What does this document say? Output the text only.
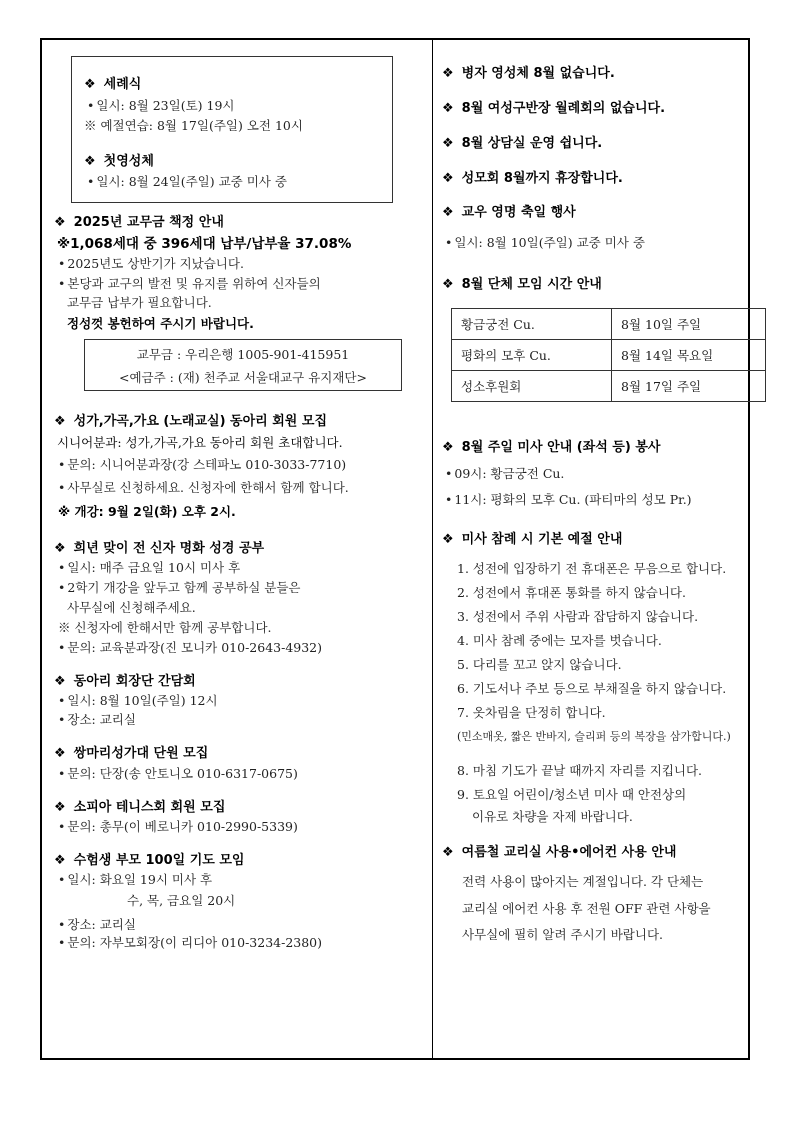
❖ 세례식
• 일시: 8월 23일(토) 19시
※ 예절연습: 8월 17일(주일) 오전 10시
❖ 첫영성체
• 일시: 8월 24일(주일) 교중 미사 중
❖ 2025년 교무금 책정 안내
※1,068세대 중 396세대 납부/납부율 37.08%
• 2025년도 상반기가 지났습니다.
• 본당과 교구의 발전 및 유지를 위하여 신자들의
교무금 납부가 필요합니다.
정성껏 봉헌하여 주시기 바랍니다.
교무금 : 우리은행 1005-901-415951
<예금주 : (재) 천주교 서울대교구 유지재단>
❖ 성가,가곡,가요 (노래교실) 동아리 회원 모집
시니어분과: 성가,가곡,가요 동아리 회원 초대합니다.
• 문의: 시니어분과장(강 스테파노 010-3033-7710)
• 사무실로 신청하세요. 신청자에 한해서 함께 합니다.
※ 개강: 9월 2일(화) 오후 2시.
❖ 희년 맞이 전 신자 명화 성경 공부
• 일시: 매주 금요일 10시 미사 후
• 2학기 개강을 앞두고 함께 공부하실 분들은
사무실에 신청해주세요.
※ 신청자에 한해서만 함께 공부합니다.
• 문의: 교육분과장(진 모니카 010-2643-4932)
❖ 동아리 회장단 간담회
• 일시: 8월 10일(주일) 12시
• 장소: 교리실
❖ 쌍마리성가대 단원 모집
• 문의: 단장(송 안토니오 010-6317-0675)
❖ 소피아 테니스회 회원 모집
• 문의: 총무(이 베로니카 010-2990-5339)
❖ 수험생 부모 100일 기도 모임
• 일시: 화요일 19시 미사 후
수, 목, 금요일 20시
• 장소: 교리실
• 문의: 자부모회장(이 리디아 010-3234-2380)
❖ 병자 영성체 8월 없습니다.
❖ 8월 여성구반장 월례회의 없습니다.
❖ 8월 상담실 운영 쉽니다.
❖ 성모회 8월까지 휴장합니다.
❖ 교우 영명 축일 행사
• 일시: 8월 10일(주일) 교중 미사 중
❖ 8월 단체 모임 시간 안내
황금궁전 Cu.	8월 10일 주일
평화의 모후 Cu.	8월 14일 목요일
성소후원회	8월 17일 주일
❖ 8월 주일 미사 안내 (좌석 등) 봉사
• 09시: 황금궁전 Cu.
• 11시: 평화의 모후 Cu. (파티마의 성모 Pr.)
❖ 미사 참례 시 기본 예절 안내
1. 성전에 입장하기 전 휴대폰은 무음으로 합니다.
2. 성전에서 휴대폰 통화를 하지 않습니다.
3. 성전에서 주위 사람과 잡담하지 않습니다.
4. 미사 참례 중에는 모자를 벗습니다.
5. 다리를 꼬고 앉지 않습니다.
6. 기도서나 주보 등으로 부채질을 하지 않습니다.
7. 옷차림을 단정히 합니다.
(민소매옷, 짧은 반바지, 슬리퍼 등의 복장을 삼가합니다.)
8. 마침 기도가 끝날 때까지 자리를 지킵니다.
9. 토요일 어린이/청소년 미사 때 안전상의
이유로 차량을 자제 바랍니다.
❖ 여름철 교리실 사용•에어컨 사용 안내
전력 사용이 많아지는 계절입니다. 각 단체는
교리실 에어컨 사용 후 전원 OFF 관련 사항을
사무실에 필히 알려 주시기 바랍니다.
